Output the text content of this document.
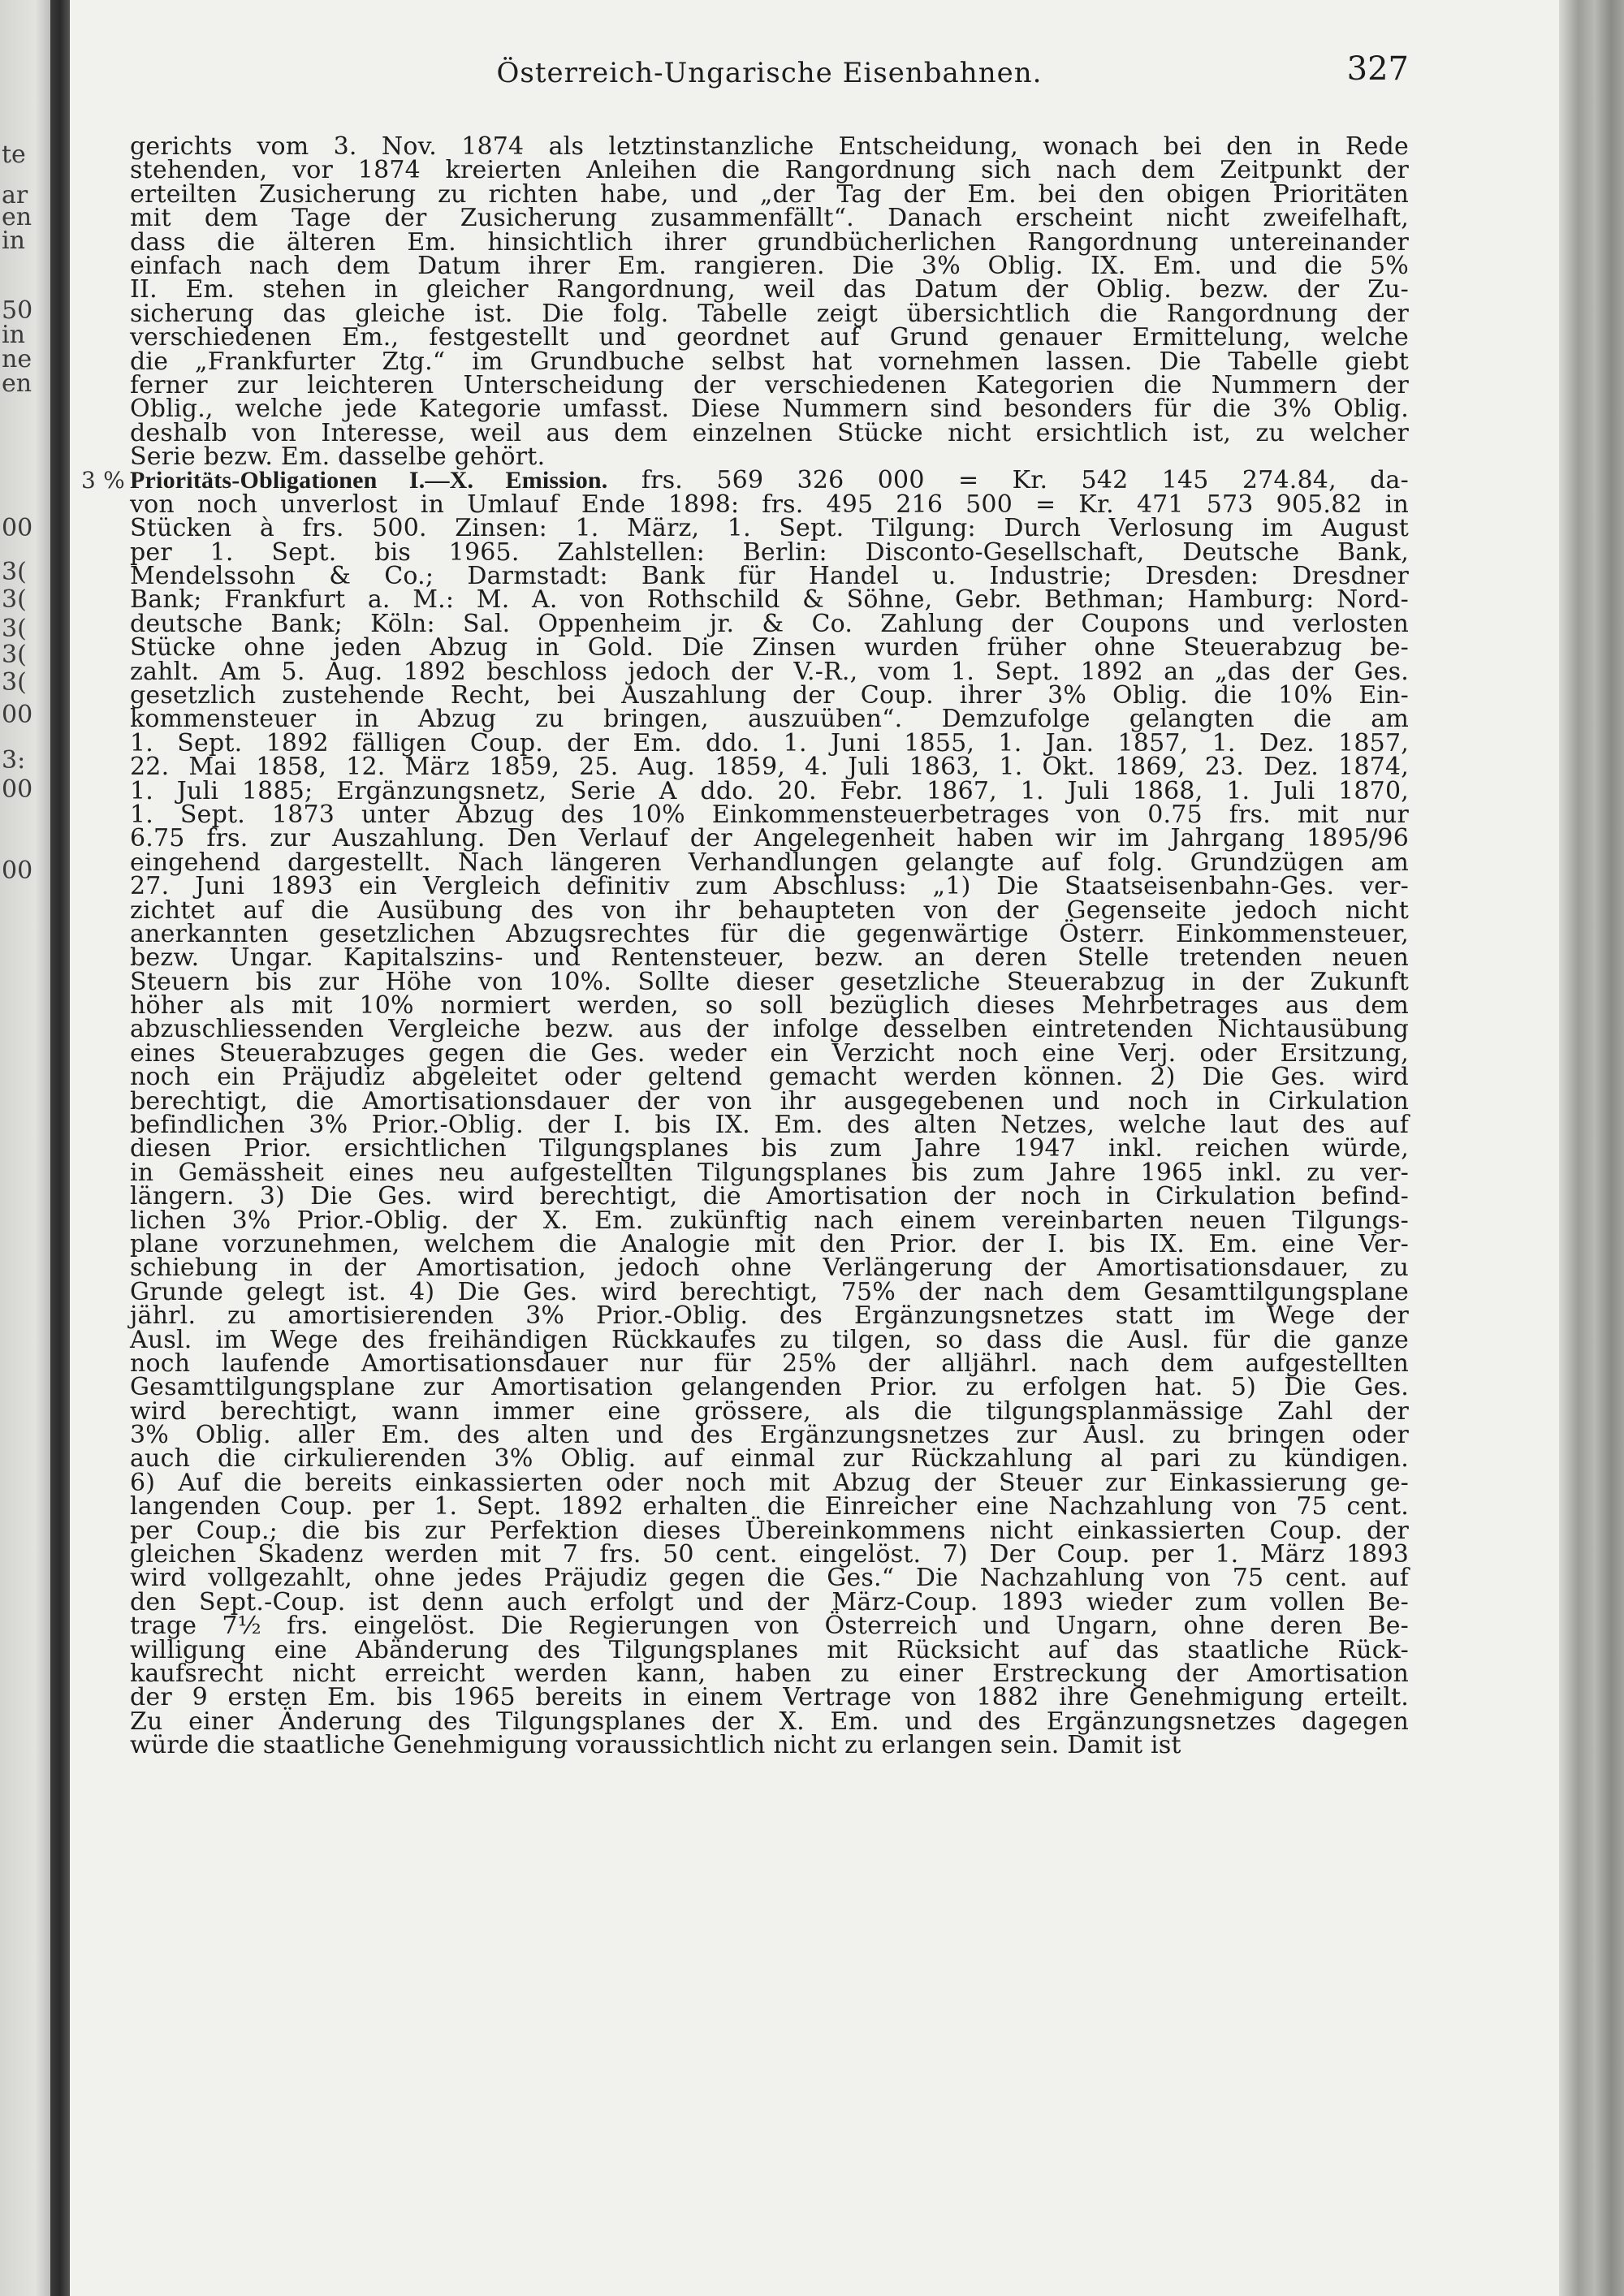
te
ar
en
in
50
in
ne
en
00
3(
3(
3(
3(
3(
00
3:
00
00
Österreich-Ungarische Eisenbahnen.	327
gerichts vom 3. Nov. 1874 als letztinstanzliche Entscheidung, wonach bei den in Rede
stehenden, vor 1874 kreierten Anleihen die Rangordnung sich nach dem Zeitpunkt der
erteilten Zusicherung zu richten habe, und „der Tag der Em. bei den obigen Prioritäten
mit dem Tage der Zusicherung zusammenfällt“. Danach erscheint nicht zweifelhaft,
dass die älteren Em. hinsichtlich ihrer grundbücherlichen Rangordnung untereinander
einfach nach dem Datum ihrer Em. rangieren. Die 3% Oblig. IX. Em. und die 5%
II. Em. stehen in gleicher Rangordnung, weil das Datum der Oblig. bezw. der Zu-
sicherung das gleiche ist. Die folg. Tabelle zeigt übersichtlich die Rangordnung der
verschiedenen Em., festgestellt und geordnet auf Grund genauer Ermittelung, welche
die „Frankfurter Ztg.“ im Grundbuche selbst hat vornehmen lassen. Die Tabelle giebt
ferner zur leichteren Unterscheidung der verschiedenen Kategorien die Nummern der
Oblig., welche jede Kategorie umfasst. Diese Nummern sind besonders für die 3% Oblig.
deshalb von Interesse, weil aus dem einzelnen Stücke nicht ersichtlich ist, zu welcher
Serie bezw. Em. dasselbe gehört.
3 % Prioritäts-Obligationen I.—X. Emission. frs. 569 326 000 = Kr. 542 145 274.84, da-
von noch unverlost in Umlauf Ende 1898: frs. 495 216 500 = Kr. 471 573 905.82 in
Stücken à frs. 500. Zinsen: 1. März, 1. Sept. Tilgung: Durch Verlosung im August
per 1. Sept. bis 1965. Zahlstellen: Berlin: Disconto-Gesellschaft, Deutsche Bank,
Mendelssohn & Co.; Darmstadt: Bank für Handel u. Industrie; Dresden: Dresdner
Bank; Frankfurt a. M.: M. A. von Rothschild & Söhne, Gebr. Bethman; Hamburg: Nord-
deutsche Bank; Köln: Sal. Oppenheim jr. & Co. Zahlung der Coupons und verlosten
Stücke ohne jeden Abzug in Gold. Die Zinsen wurden früher ohne Steuerabzug be-
zahlt. Am 5. Aug. 1892 beschloss jedoch der V.-R., vom 1. Sept. 1892 an „das der Ges.
gesetzlich zustehende Recht, bei Auszahlung der Coup. ihrer 3% Oblig. die 10% Ein-
kommensteuer in Abzug zu bringen, auszuüben“. Demzufolge gelangten die am
1. Sept. 1892 fälligen Coup. der Em. ddo. 1. Juni 1855, 1. Jan. 1857, 1. Dez. 1857,
22. Mai 1858, 12. März 1859, 25. Aug. 1859, 4. Juli 1863, 1. Okt. 1869, 23. Dez. 1874,
1. Juli 1885; Ergänzungsnetz, Serie A ddo. 20. Febr. 1867, 1. Juli 1868, 1. Juli 1870,
1. Sept. 1873 unter Abzug des 10% Einkommensteuerbetrages von 0.75 frs. mit nur
6.75 frs. zur Auszahlung. Den Verlauf der Angelegenheit haben wir im Jahrgang 1895/96
eingehend dargestellt. Nach längeren Verhandlungen gelangte auf folg. Grundzügen am
27. Juni 1893 ein Vergleich definitiv zum Abschluss: „1) Die Staatseisenbahn-Ges. ver-
zichtet auf die Ausübung des von ihr behaupteten von der Gegenseite jedoch nicht
anerkannten gesetzlichen Abzugsrechtes für die gegenwärtige Österr. Einkommensteuer,
bezw. Ungar. Kapitalszins- und Rentensteuer, bezw. an deren Stelle tretenden neuen
Steuern bis zur Höhe von 10%. Sollte dieser gesetzliche Steuerabzug in der Zukunft
höher als mit 10% normiert werden, so soll bezüglich dieses Mehrbetrages aus dem
abzuschliessenden Vergleiche bezw. aus der infolge desselben eintretenden Nichtausübung
eines Steuerabzuges gegen die Ges. weder ein Verzicht noch eine Verj. oder Ersitzung,
noch ein Präjudiz abgeleitet oder geltend gemacht werden können. 2) Die Ges. wird
berechtigt, die Amortisationsdauer der von ihr ausgegebenen und noch in Cirkulation
befindlichen 3% Prior.-Oblig. der I. bis IX. Em. des alten Netzes, welche laut des auf
diesen Prior. ersichtlichen Tilgungsplanes bis zum Jahre 1947 inkl. reichen würde,
in Gemässheit eines neu aufgestellten Tilgungsplanes bis zum Jahre 1965 inkl. zu ver-
längern. 3) Die Ges. wird berechtigt, die Amortisation der noch in Cirkulation befind-
lichen 3% Prior.-Oblig. der X. Em. zukünftig nach einem vereinbarten neuen Tilgungs-
plane vorzunehmen, welchem die Analogie mit den Prior. der I. bis IX. Em. eine Ver-
schiebung in der Amortisation, jedoch ohne Verlängerung der Amortisationsdauer, zu
Grunde gelegt ist. 4) Die Ges. wird berechtigt, 75% der nach dem Gesamttilgungsplane
jährl. zu amortisierenden 3% Prior.-Oblig. des Ergänzungsnetzes statt im Wege der
Ausl. im Wege des freihändigen Rückkaufes zu tilgen, so dass die Ausl. für die ganze
noch laufende Amortisationsdauer nur für 25% der alljährl. nach dem aufgestellten
Gesamttilgungsplane zur Amortisation gelangenden Prior. zu erfolgen hat. 5) Die Ges.
wird berechtigt, wann immer eine grössere, als die tilgungsplanmässige Zahl der
3% Oblig. aller Em. des alten und des Ergänzungsnetzes zur Ausl. zu bringen oder
auch die cirkulierenden 3% Oblig. auf einmal zur Rückzahlung al pari zu kündigen.
6) Auf die bereits einkassierten oder noch mit Abzug der Steuer zur Einkassierung ge-
langenden Coup. per 1. Sept. 1892 erhalten die Einreicher eine Nachzahlung von 75 cent.
per Coup.; die bis zur Perfektion dieses Übereinkommens nicht einkassierten Coup. der
gleichen Skadenz werden mit 7 frs. 50 cent. eingelöst. 7) Der Coup. per 1. März 1893
wird vollgezahlt, ohne jedes Präjudiz gegen die Ges.“ Die Nachzahlung von 75 cent. auf
den Sept.-Coup. ist denn auch erfolgt und der März-Coup. 1893 wieder zum vollen Be-
trage 7½ frs. eingelöst. Die Regierungen von Österreich und Ungarn, ohne deren Be-
willigung eine Abänderung des Tilgungsplanes mit Rücksicht auf das staatliche Rück-
kaufsrecht nicht erreicht werden kann, haben zu einer Erstreckung der Amortisation
der 9 ersten Em. bis 1965 bereits in einem Vertrage von 1882 ihre Genehmigung erteilt.
Zu einer Änderung des Tilgungsplanes der X. Em. und des Ergänzungsnetzes dagegen
würde die staatliche Genehmigung voraussichtlich nicht zu erlangen sein. Damit ist
